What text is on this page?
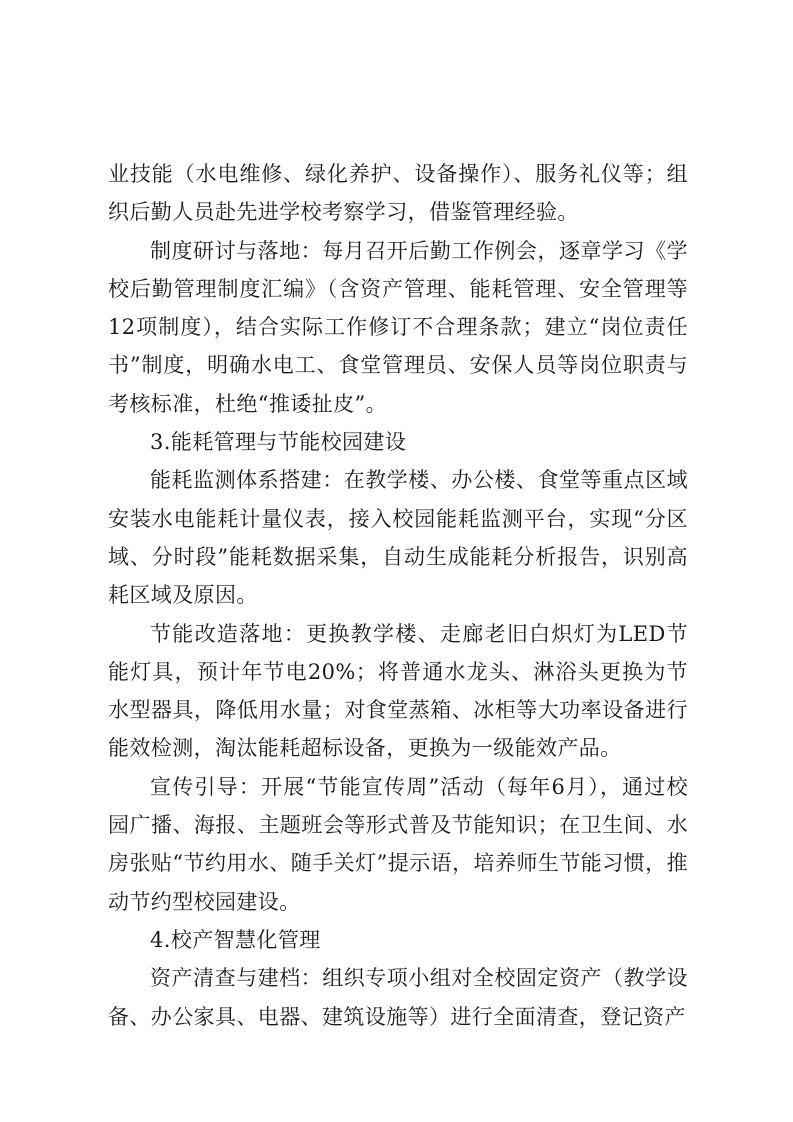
业技能（水电维修、绿化养护、设备操作）、服务礼仪等；组织后勤人员赴先进学校考察学习，借鉴管理经验。

制度研讨与落地：每月召开后勤工作例会，逐章学习《学校后勤管理制度汇编》（含资产管理、能耗管理、安全管理等12项制度），结合实际工作修订不合理条款；建立“岗位责任书”制度，明确水电工、食堂管理员、安保人员等岗位职责与考核标准，杜绝“推诿扯皮”。

3.能耗管理与节能校园建设

能耗监测体系搭建：在教学楼、办公楼、食堂等重点区域安装水电能耗计量仪表，接入校园能耗监测平台，实现“分区域、分时段”能耗数据采集，自动生成能耗分析报告，识别高耗区域及原因。

节能改造落地：更换教学楼、走廊老旧白炽灯为LED节能灯具，预计年节电20%；将普通水龙头、淋浴头更换为节水型器具，降低用水量；对食堂蒸箱、冰柜等大功率设备进行能效检测，淘汰能耗超标设备，更换为一级能效产品。

宣传引导：开展“节能宣传周”活动（每年6月），通过校园广播、海报、主题班会等形式普及节能知识；在卫生间、水房张贴“节约用水、随手关灯”提示语，培养师生节能习惯，推动节约型校园建设。

4.校产智慧化管理

资产清查与建档：组织专项小组对全校固定资产（教学设备、办公家具、电器、建筑设施等）进行全面清查，登记资产
